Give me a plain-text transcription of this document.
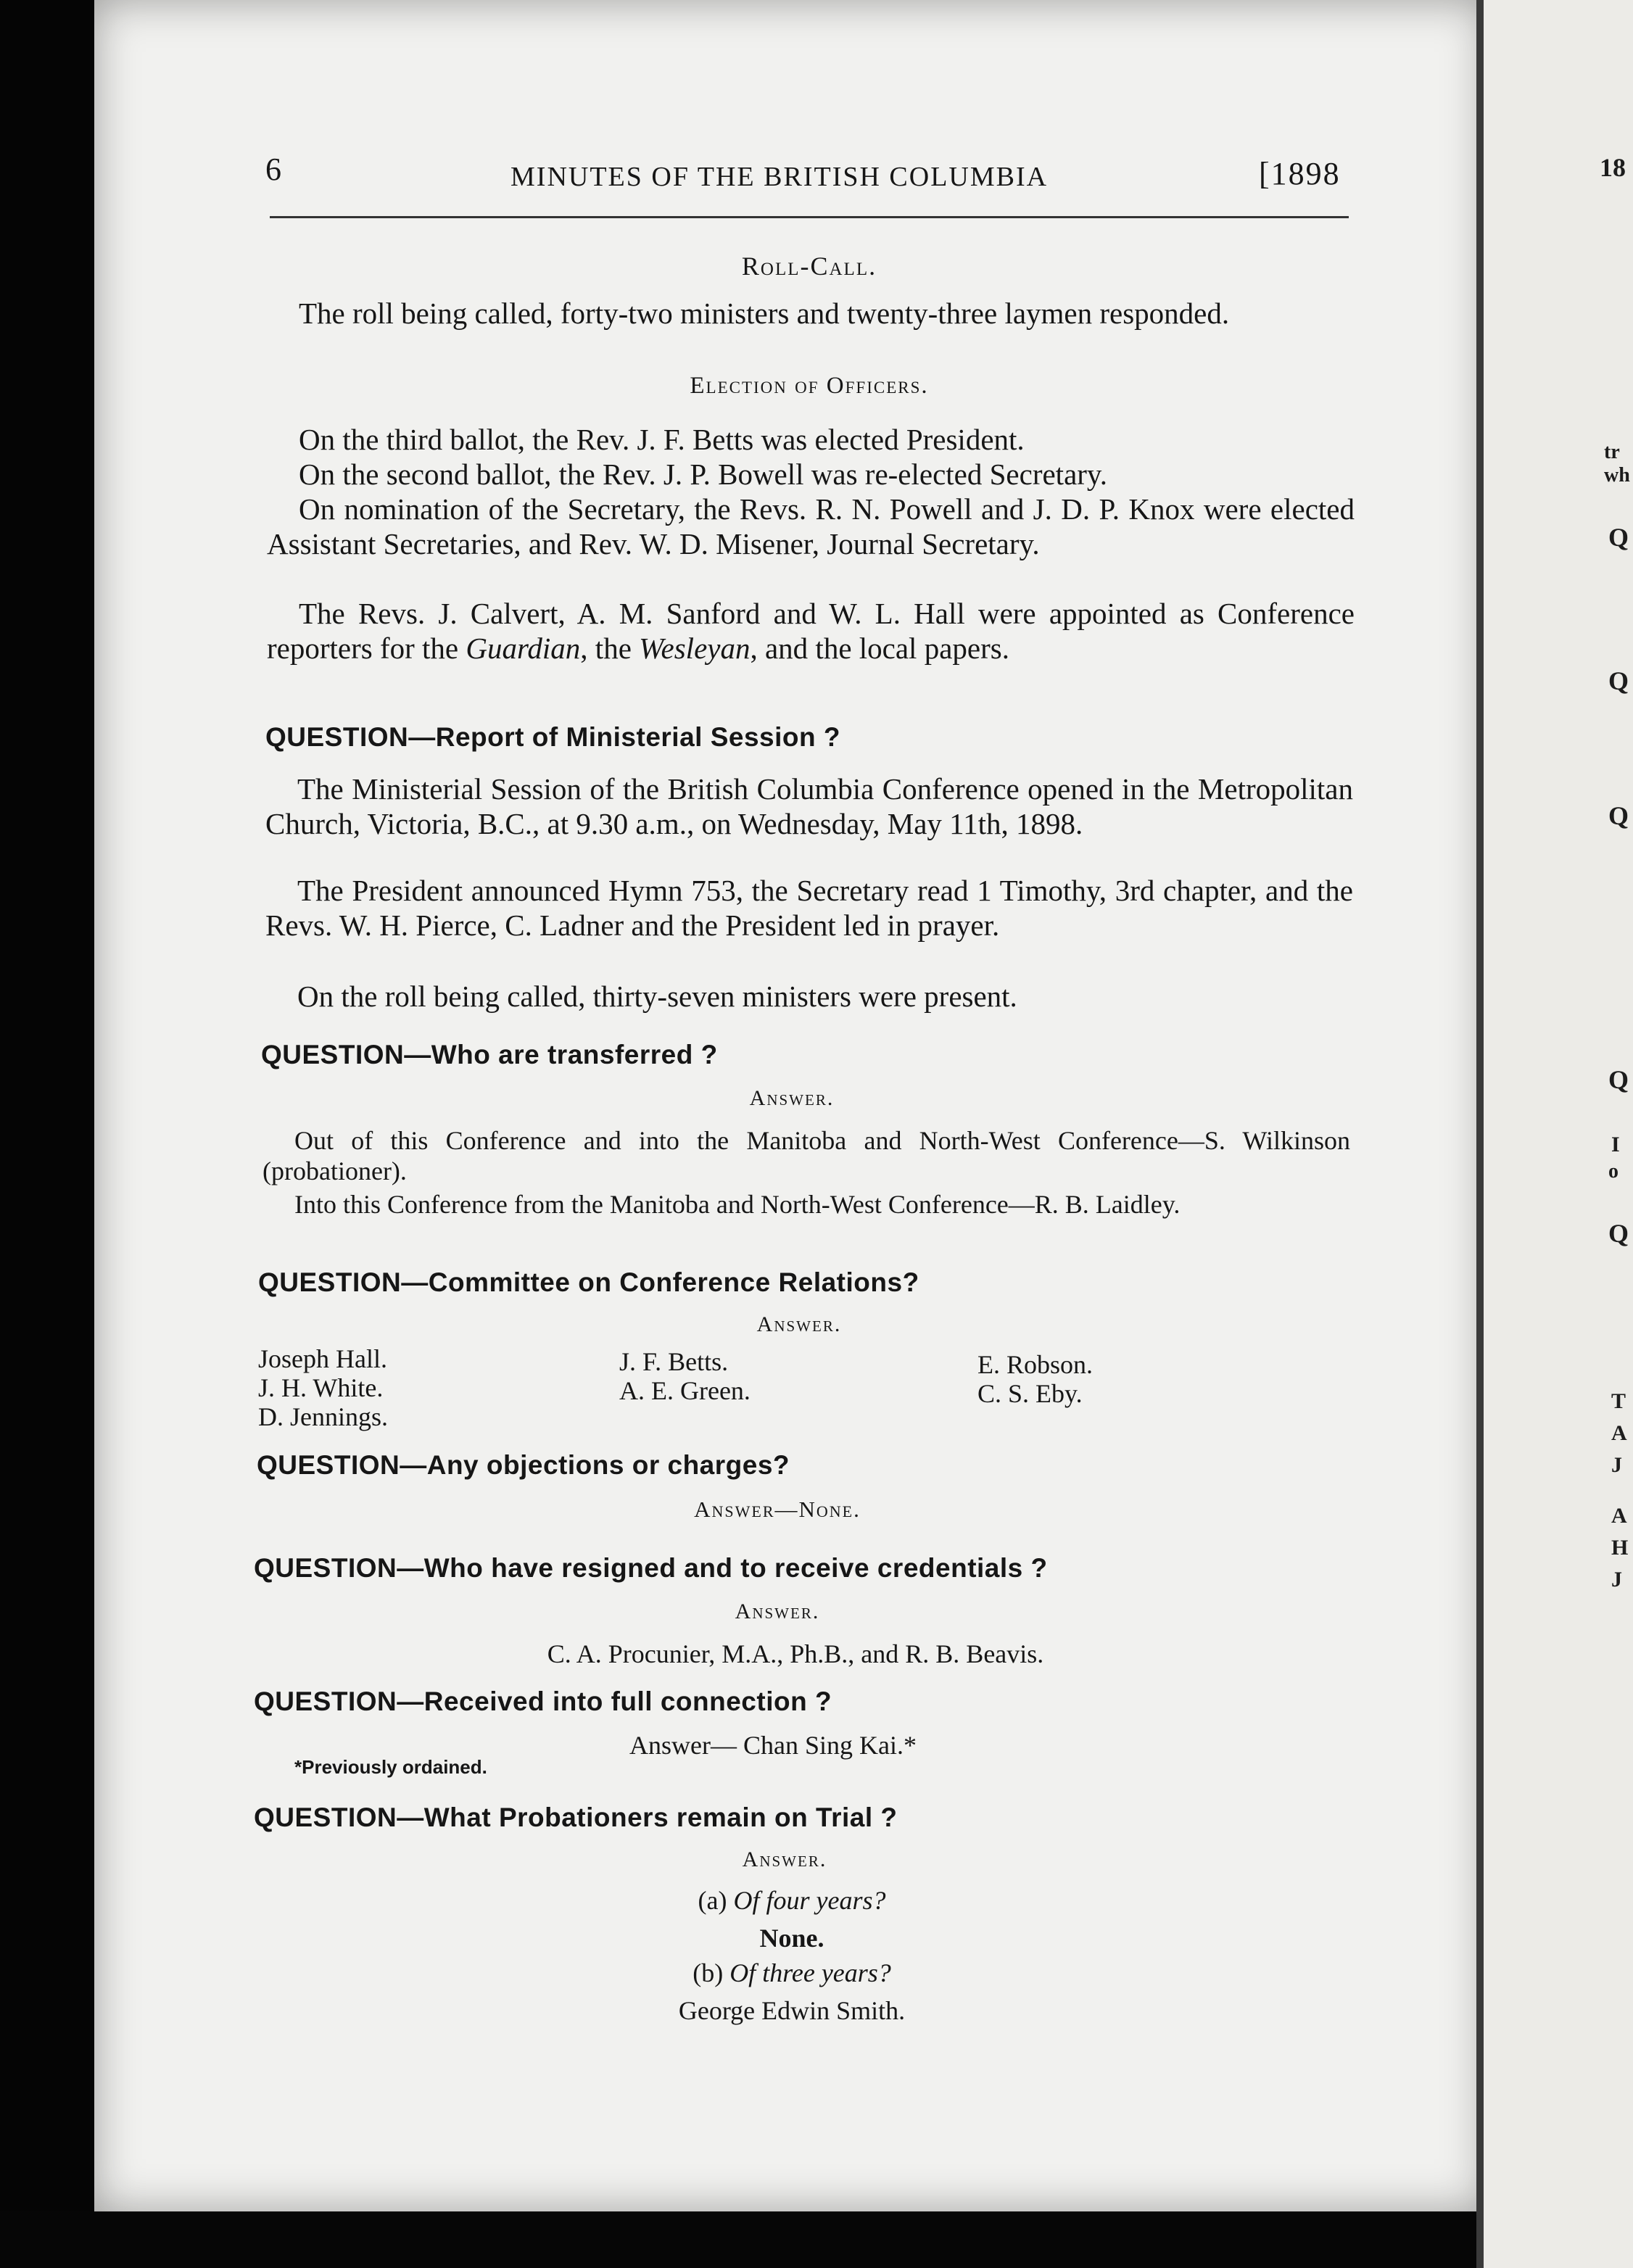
18
tr
wh
Q
Q
Q
Q
I
o
Q
T
A
J
A
H
J
6	MINUTES OF THE BRITISH COLUMBIA	[1898
Roll-Call.
The roll being called, forty-two ministers and twenty-three laymen responded.
Election of Officers.
On the third ballot, the Rev. J. F. Betts was elected President.
On the second ballot, the Rev. J. P. Bowell was re-elected Secretary.
On nomination of the Secretary, the Revs. R. N. Powell and J. D. P. Knox were elected Assistant Secretaries, and Rev. W. D. Misener, Journal Secretary.
The Revs. J. Calvert, A. M. Sanford and W. L. Hall were appointed as Conference reporters for the Guardian, the Wesleyan, and the local papers.
QUESTION—Report of Ministerial Session ?
The Ministerial Session of the British Columbia Conference opened in the Metropolitan Church, Victoria, B.C., at 9.30 a.m., on Wednesday, May 11th, 1898.
The President announced Hymn 753, the Secretary read 1 Timothy, 3rd chapter, and the Revs. W. H. Pierce, C. Ladner and the President led in prayer.
On the roll being called, thirty-seven ministers were present.
QUESTION—Who are transferred ?
Answer.
Out of this Conference and into the Manitoba and North-West Conference—S. Wilkinson (probationer).
Into this Conference from the Manitoba and North-West Conference—R. B. Laidley.
QUESTION—Committee on Conference Relations?
Answer.
Joseph Hall.
J. H. White.
D. Jennings.
J. F. Betts.
A. E. Green.
E. Robson.
C. S. Eby.
QUESTION—Any objections or charges?
Answer—None.
QUESTION—Who have resigned and to receive credentials ?
Answer.
C. A. Procunier, M.A., Ph.B., and R. B. Beavis.
QUESTION—Received into full connection ?
Answer— Chan Sing Kai.*
*Previously ordained.
QUESTION—What Probationers remain on Trial ?
Answer.
(a) Of four years?
None.
(b) Of three years?
George Edwin Smith.
